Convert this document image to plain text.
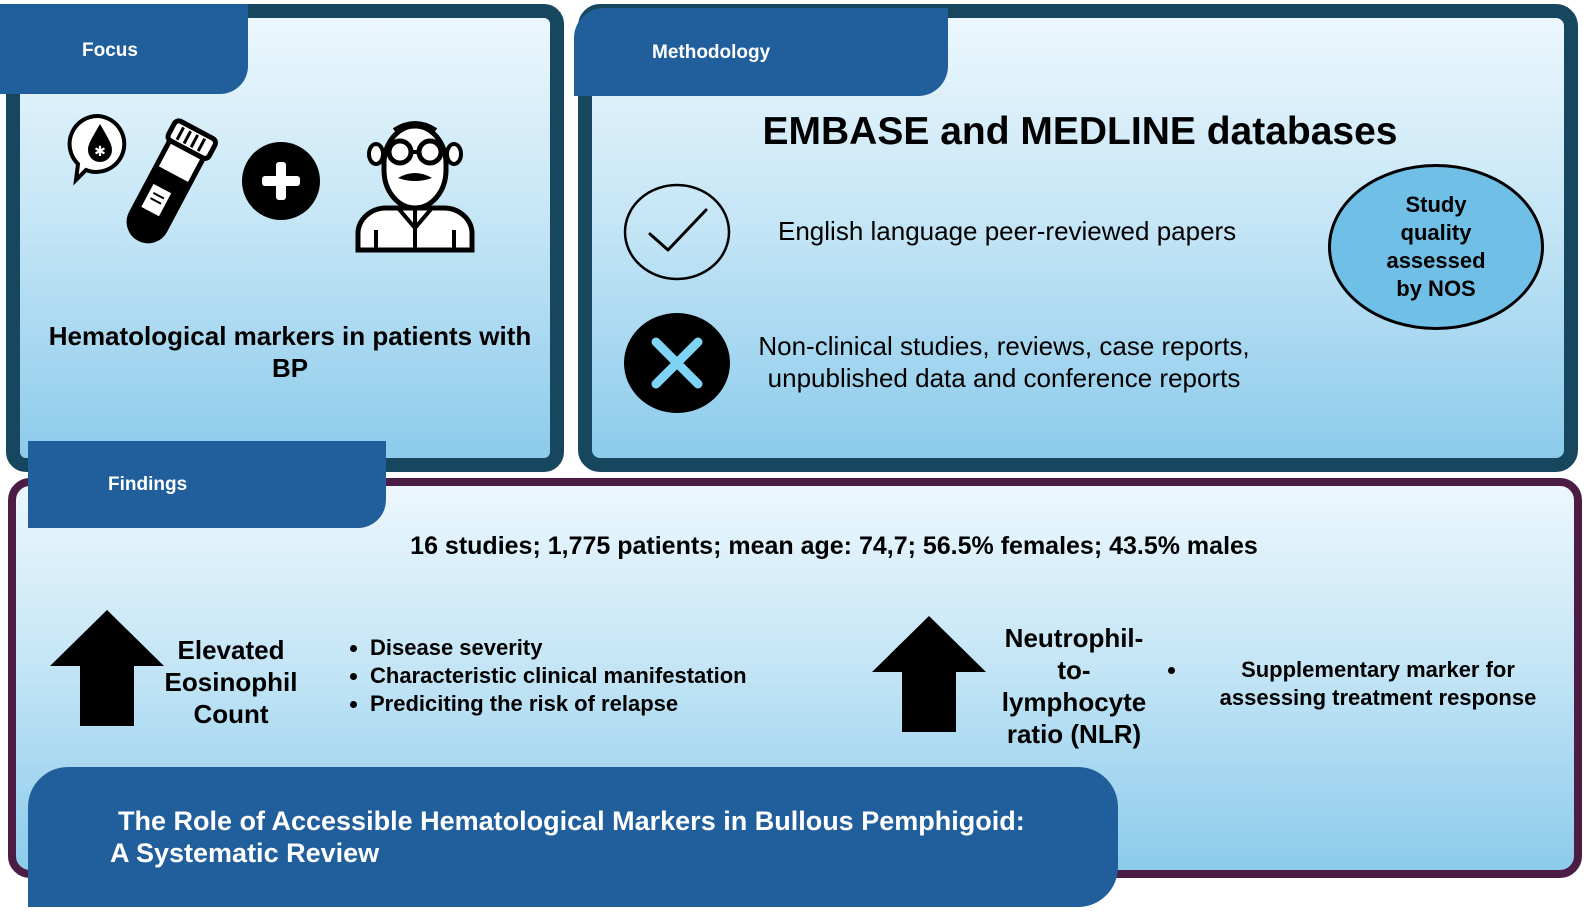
Focus	Methodology
Findings
✱
Hematological markers in patients with BP
EMBASE and MEDLINE databases
English language peer-reviewed papers
Non-clinical studies, reviews, case reports, unpublished data and conference reports
Study quality assessed by NOS
16 studies; 1,775 patients; mean age: 74,7; 56.5% females; 43.5% males
Elevated Eosinophil Count
• Disease severity
• Characteristic clinical manifestation
• Prediciting the risk of relapse
Neutrophil-to-lymphocyte ratio (NLR)
• Supplementary marker for assessing treatment response
The Role of Accessible Hematological Markers in Bullous Pemphigoid:
A Systematic Review
